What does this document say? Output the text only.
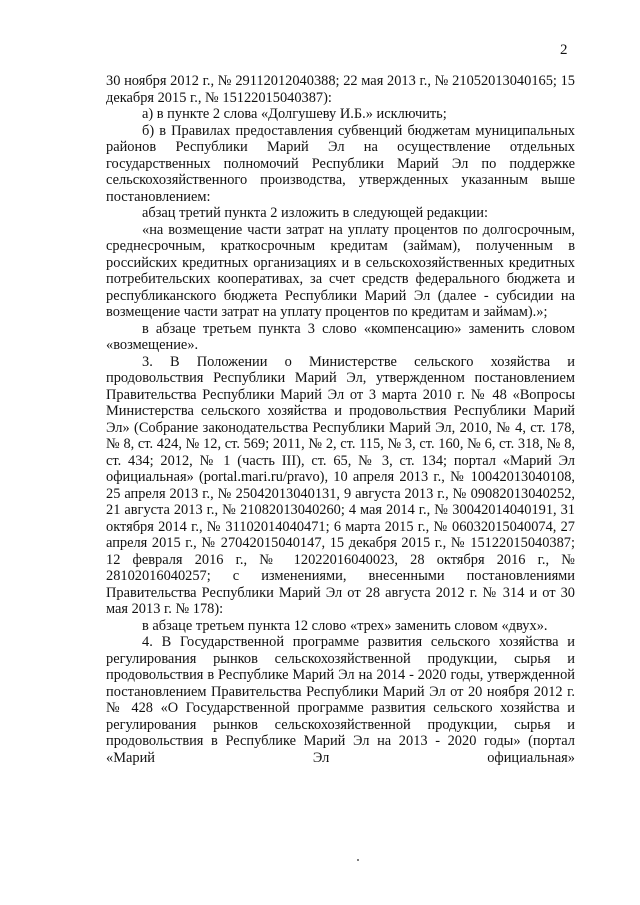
2

30 ноября 2012 г., № 29112012040388; 22 мая 2013 г., № 21052013040165; 15 декабря 2015 г., № 15122015040387):

а) в пункте 2 слова «Долгушеву И.Б.» исключить;

б) в Правилах предоставления субвенций бюджетам муниципальных районов Республики Марий Эл на осуществление отдельных государственных полномочий Республики Марий Эл по поддержке сельскохозяйственного производства, утвержденных указанным выше постановлением:

абзац третий пункта 2 изложить в следующей редакции:

«на возмещение части затрат на уплату процентов по долгосрочным, среднесрочным, краткосрочным кредитам (займам), полученным в российских кредитных организациях и в сельскохозяйственных кредитных потребительских кооперативах, за счет средств федерального бюджета и республиканского бюджета Республики Марий Эл (далее - субсидии на возмещение части затрат на уплату процентов по кредитам и займам).»;

в абзаце третьем пункта 3 слово «компенсацию» заменить словом «возмещение».

3. В Положении о Министерстве сельского хозяйства и продовольствия Республики Марий Эл, утвержденном постановлением Правительства Республики Марий Эл от 3 марта 2010 г. № 48 «Вопросы Министерства сельского хозяйства и продовольствия Республики Марий Эл» (Собрание законодательства Республики Марий Эл, 2010, № 4, ст. 178, № 8, ст. 424, № 12, ст. 569; 2011, № 2, ст. 115, № 3, ст. 160, № 6, ст. 318, № 8, ст. 434; 2012, № 1 (часть III), ст. 65, № 3, ст. 134; портал «Марий Эл официальная» (portal.mari.ru/pravo), 10 апреля 2013 г., № 10042013040108, 25 апреля 2013 г., № 25042013040131, 9 августа 2013 г., № 09082013040252, 21 августа 2013 г., № 21082013040260; 4 мая 2014 г., № 30042014040191, 31 октября 2014 г., № 31102014040471; 6 марта 2015 г., № 06032015040074, 27 апреля 2015 г., № 27042015040147, 15 декабря 2015 г., № 15122015040387; 12 февраля 2016 г., № 12022016040023, 28 октября 2016 г., № 28102016040257; с изменениями, внесенными постановлениями Правительства Республики Марий Эл от 28 августа 2012 г. № 314 и от 30 мая 2013 г. № 178):

в абзаце третьем пункта 12 слово «трех» заменить словом «двух».

4. В Государственной программе развития сельского хозяйства и регулирования рынков сельскохозяйственной продукции, сырья и продовольствия в Республике Марий Эл на 2014 - 2020 годы, утвержденной постановлением Правительства Республики Марий Эл от 20 ноября 2012 г. № 428 «О Государственной программе развития сельского хозяйства и регулирования рынков сельскохозяйственной продукции, сырья и продовольствия в Республике Марий Эл на 2013 - 2020 годы» (портал «Марий Эл официальная»
